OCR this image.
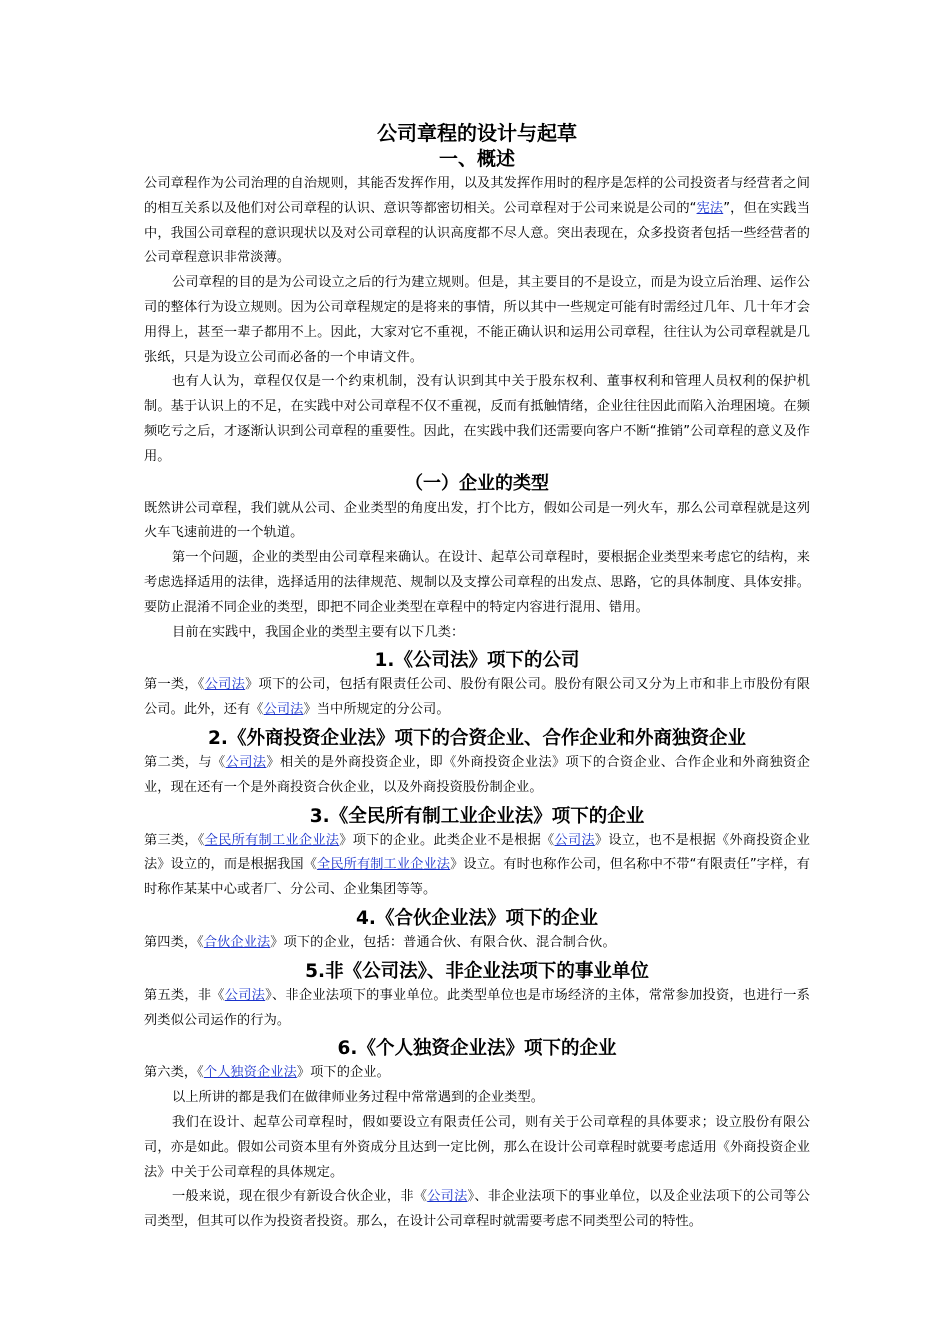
公司章程的设计与起草
一、概述

公司章程作为公司治理的自治规则，其能否发挥作用，以及其发挥作用时的程序是怎样的公司投资者与经营者之间的相互关系以及他们对公司章程的认识、意识等都密切相关。公司章程对于公司来说是公司的“宪法”，但在实践当中，我国公司章程的意识现状以及对公司章程的认识高度都不尽人意。突出表现在，众多投资者包括一些经营者的公司章程意识非常淡薄。

公司章程的目的是为公司设立之后的行为建立规则。但是，其主要目的不是设立，而是为设立后治理、运作公司的整体行为设立规则。因为公司章程规定的是将来的事情，所以其中一些规定可能有时需经过几年、几十年才会用得上，甚至一辈子都用不上。因此，大家对它不重视，不能正确认识和运用公司章程，往往认为公司章程就是几张纸，只是为设立公司而必备的一个申请文件。

也有人认为，章程仅仅是一个约束机制，没有认识到其中关于股东权利、董事权利和管理人员权利的保护机制。基于认识上的不足，在实践中对公司章程不仅不重视，反而有抵触情绪，企业往往因此而陷入治理困境。在频频吃亏之后，才逐渐认识到公司章程的重要性。因此，在实践中我们还需要向客户不断“推销”公司章程的意义及作用。

（一）企业的类型

既然讲公司章程，我们就从公司、企业类型的角度出发，打个比方，假如公司是一列火车，那么公司章程就是这列火车飞速前进的一个轨道。

第一个问题，企业的类型由公司章程来确认。在设计、起草公司章程时，要根据企业类型来考虑它的结构，来考虑选择适用的法律，选择适用的法律规范、规制以及支撑公司章程的出发点、思路，它的具体制度、具体安排。要防止混淆不同企业的类型，即把不同企业类型在章程中的特定内容进行混用、错用。

目前在实践中，我国企业的类型主要有以下几类：

1.《公司法》项下的公司

第一类，《公司法》项下的公司，包括有限责任公司、股份有限公司。股份有限公司又分为上市和非上市股份有限公司。此外，还有《公司法》当中所规定的分公司。

2.《外商投资企业法》项下的合资企业、合作企业和外商独资企业

第二类，与《公司法》相关的是外商投资企业，即《外商投资企业法》项下的合资企业、合作企业和外商独资企业，现在还有一个是外商投资合伙企业，以及外商投资股份制企业。

3.《全民所有制工业企业法》项下的企业

第三类，《全民所有制工业企业法》项下的企业。此类企业不是根据《公司法》设立，也不是根据《外商投资企业法》设立的，而是根据我国《全民所有制工业企业法》设立。有时也称作公司，但名称中不带“有限责任”字样，有时称作某某中心或者厂、分公司、企业集团等等。

4.《合伙企业法》项下的企业

第四类，《合伙企业法》项下的企业，包括：普通合伙、有限合伙、混合制合伙。

5.非《公司法》、非企业法项下的事业单位

第五类，非《公司法》、非企业法项下的事业单位。此类型单位也是市场经济的主体，常常参加投资，也进行一系列类似公司运作的行为。

6.《个人独资企业法》项下的企业

第六类，《个人独资企业法》项下的企业。

以上所讲的都是我们在做律师业务过程中常常遇到的企业类型。

我们在设计、起草公司章程时，假如要设立有限责任公司，则有关于公司章程的具体要求；设立股份有限公司，亦是如此。假如公司资本里有外资成分且达到一定比例，那么在设计公司章程时就要考虑适用《外商投资企业法》中关于公司章程的具体规定。

一般来说，现在很少有新设合伙企业，非《公司法》、非企业法项下的事业单位，以及企业法项下的公司等公司类型，但其可以作为投资者投资。那么，在设计公司章程时就需要考虑不同类型公司的特性。
